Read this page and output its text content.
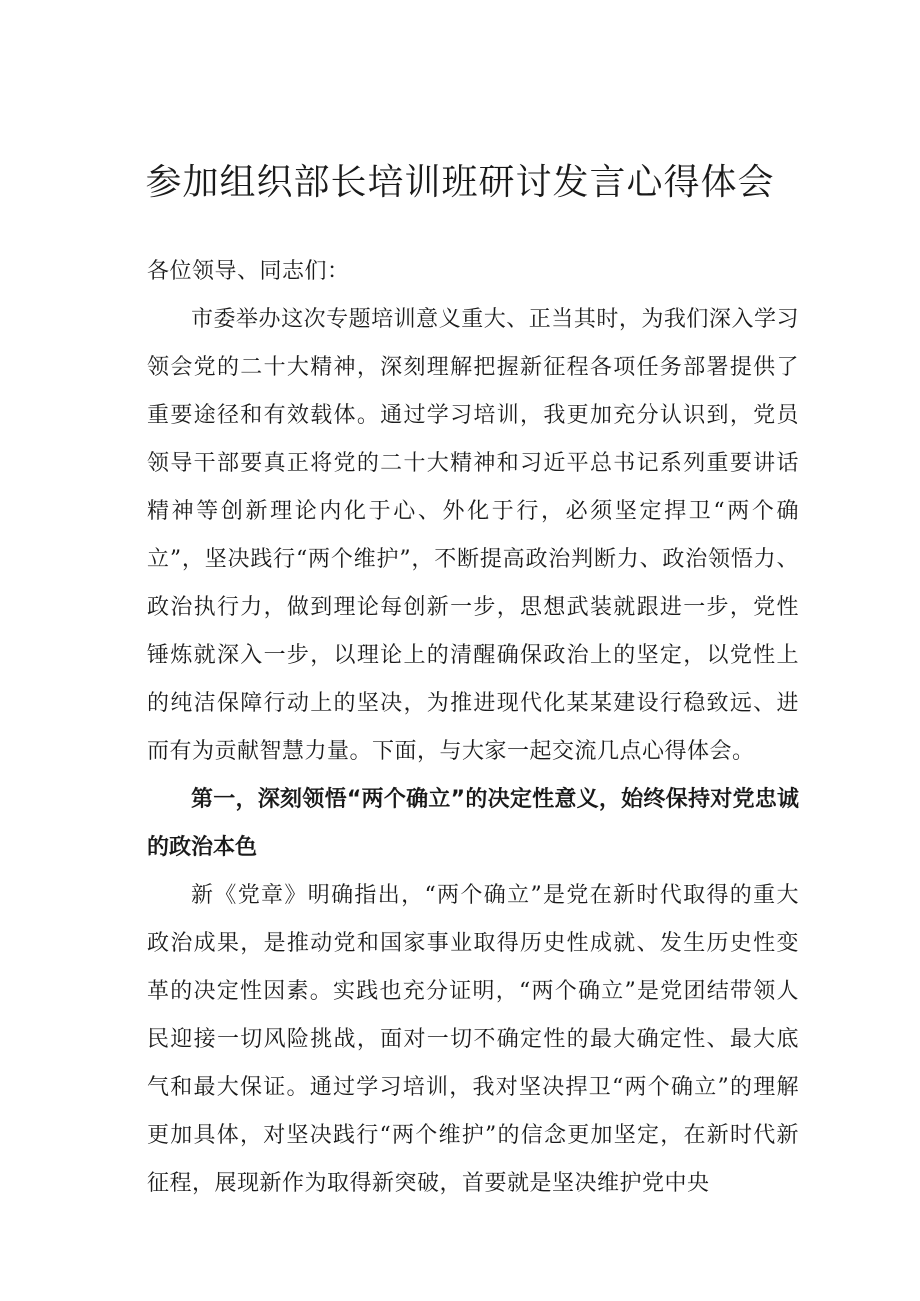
参加组织部长培训班研讨发言心得体会

各位领导、同志们：

市委举办这次专题培训意义重大、正当其时，为我们深入学习领会党的二十大精神，深刻理解把握新征程各项任务部署提供了重要途径和有效载体。通过学习培训，我更加充分认识到，党员领导干部要真正将党的二十大精神和习近平总书记系列重要讲话精神等创新理论内化于心、外化于行，必须坚定捍卫“两个确立”，坚决践行“两个维护”，不断提高政治判断力、政治领悟力、政治执行力，做到理论每创新一步，思想武装就跟进一步，党性锤炼就深入一步，以理论上的清醒确保政治上的坚定，以党性上的纯洁保障行动上的坚决，为推进现代化某某建设行稳致远、进而有为贡献智慧力量。下面，与大家一起交流几点心得体会。

第一，深刻领悟“两个确立”的决定性意义，始终保持对党忠诚的政治本色

新《党章》明确指出，“两个确立”是党在新时代取得的重大政治成果，是推动党和国家事业取得历史性成就、发生历史性变革的决定性因素。实践也充分证明，“两个确立”是党团结带领人民迎接一切风险挑战，面对一切不确定性的最大确定性、最大底气和最大保证。通过学习培训，我对坚决捍卫“两个确立”的理解更加具体，对坚决践行“两个维护”的信念更加坚定，在新时代新征程，展现新作为取得新突破，首要就是坚决维护党中央
